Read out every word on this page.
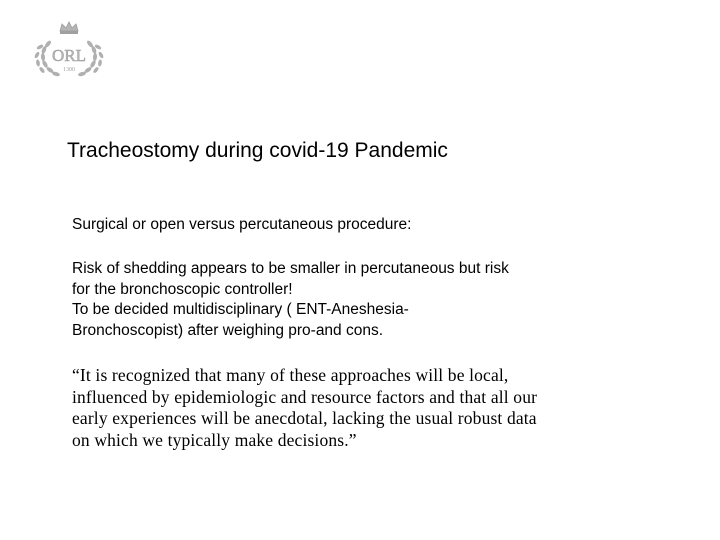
ORL
1300
Tracheostomy during covid-19 Pandemic
Surgical or open versus percutaneous procedure:
Risk of shedding appears to be smaller in percutaneous but risk
for the bronchoscopic controller!
To be decided multidisciplinary ( ENT-Aneshesia-
Bronchoscopist) after weighing pro-and cons.
“It is recognized that many of these approaches will be local,
influenced by epidemiologic and resource factors and that all our
early experiences will be anecdotal, lacking the usual robust data
on which we typically make decisions.”
